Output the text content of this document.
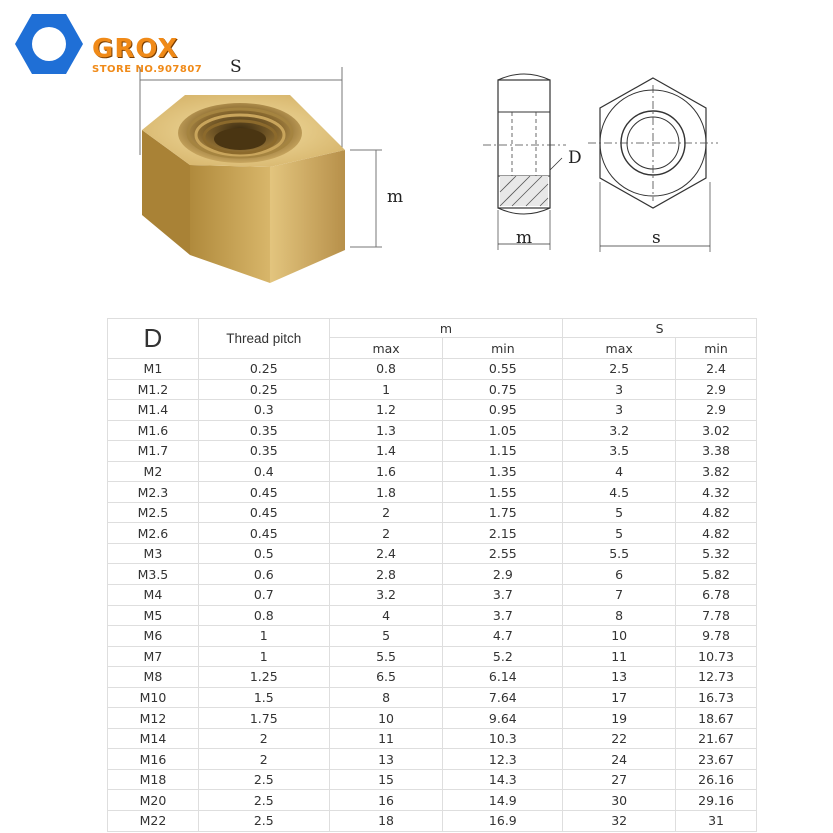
GROX
STORE NO.907807 S
m
D
m	s
D	Thread pitch	m		S	
		max	min	max	min
M1	0.25	0.8	0.55	2.5	2.4
M1.2	0.25	1	0.75	3	2.9
M1.4	0.3	1.2	0.95	3	2.9
M1.6	0.35	1.3	1.05	3.2	3.02
M1.7	0.35	1.4	1.15	3.5	3.38
M2	0.4	1.6	1.35	4	3.82
M2.3	0.45	1.8	1.55	4.5	4.32
M2.5	0.45	2	1.75	5	4.82
M2.6	0.45	2	2.15	5	4.82
M3	0.5	2.4	2.55	5.5	5.32
M3.5	0.6	2.8	2.9	6	5.82
M4	0.7	3.2	3.7	7	6.78
M5	0.8	4	3.7	8	7.78
M6	1	5	4.7	10	9.78
M7	1	5.5	5.2	11	10.73
M8	1.25	6.5	6.14	13	12.73
M10	1.5	8	7.64	17	16.73
M12	1.75	10	9.64	19	18.67
M14	2	11	10.3	22	21.67
M16	2	13	12.3	24	23.67
M18	2.5	15	14.3	27	26.16
M20	2.5	16	14.9	30	29.16
M22	2.5	18	16.9	32	31
